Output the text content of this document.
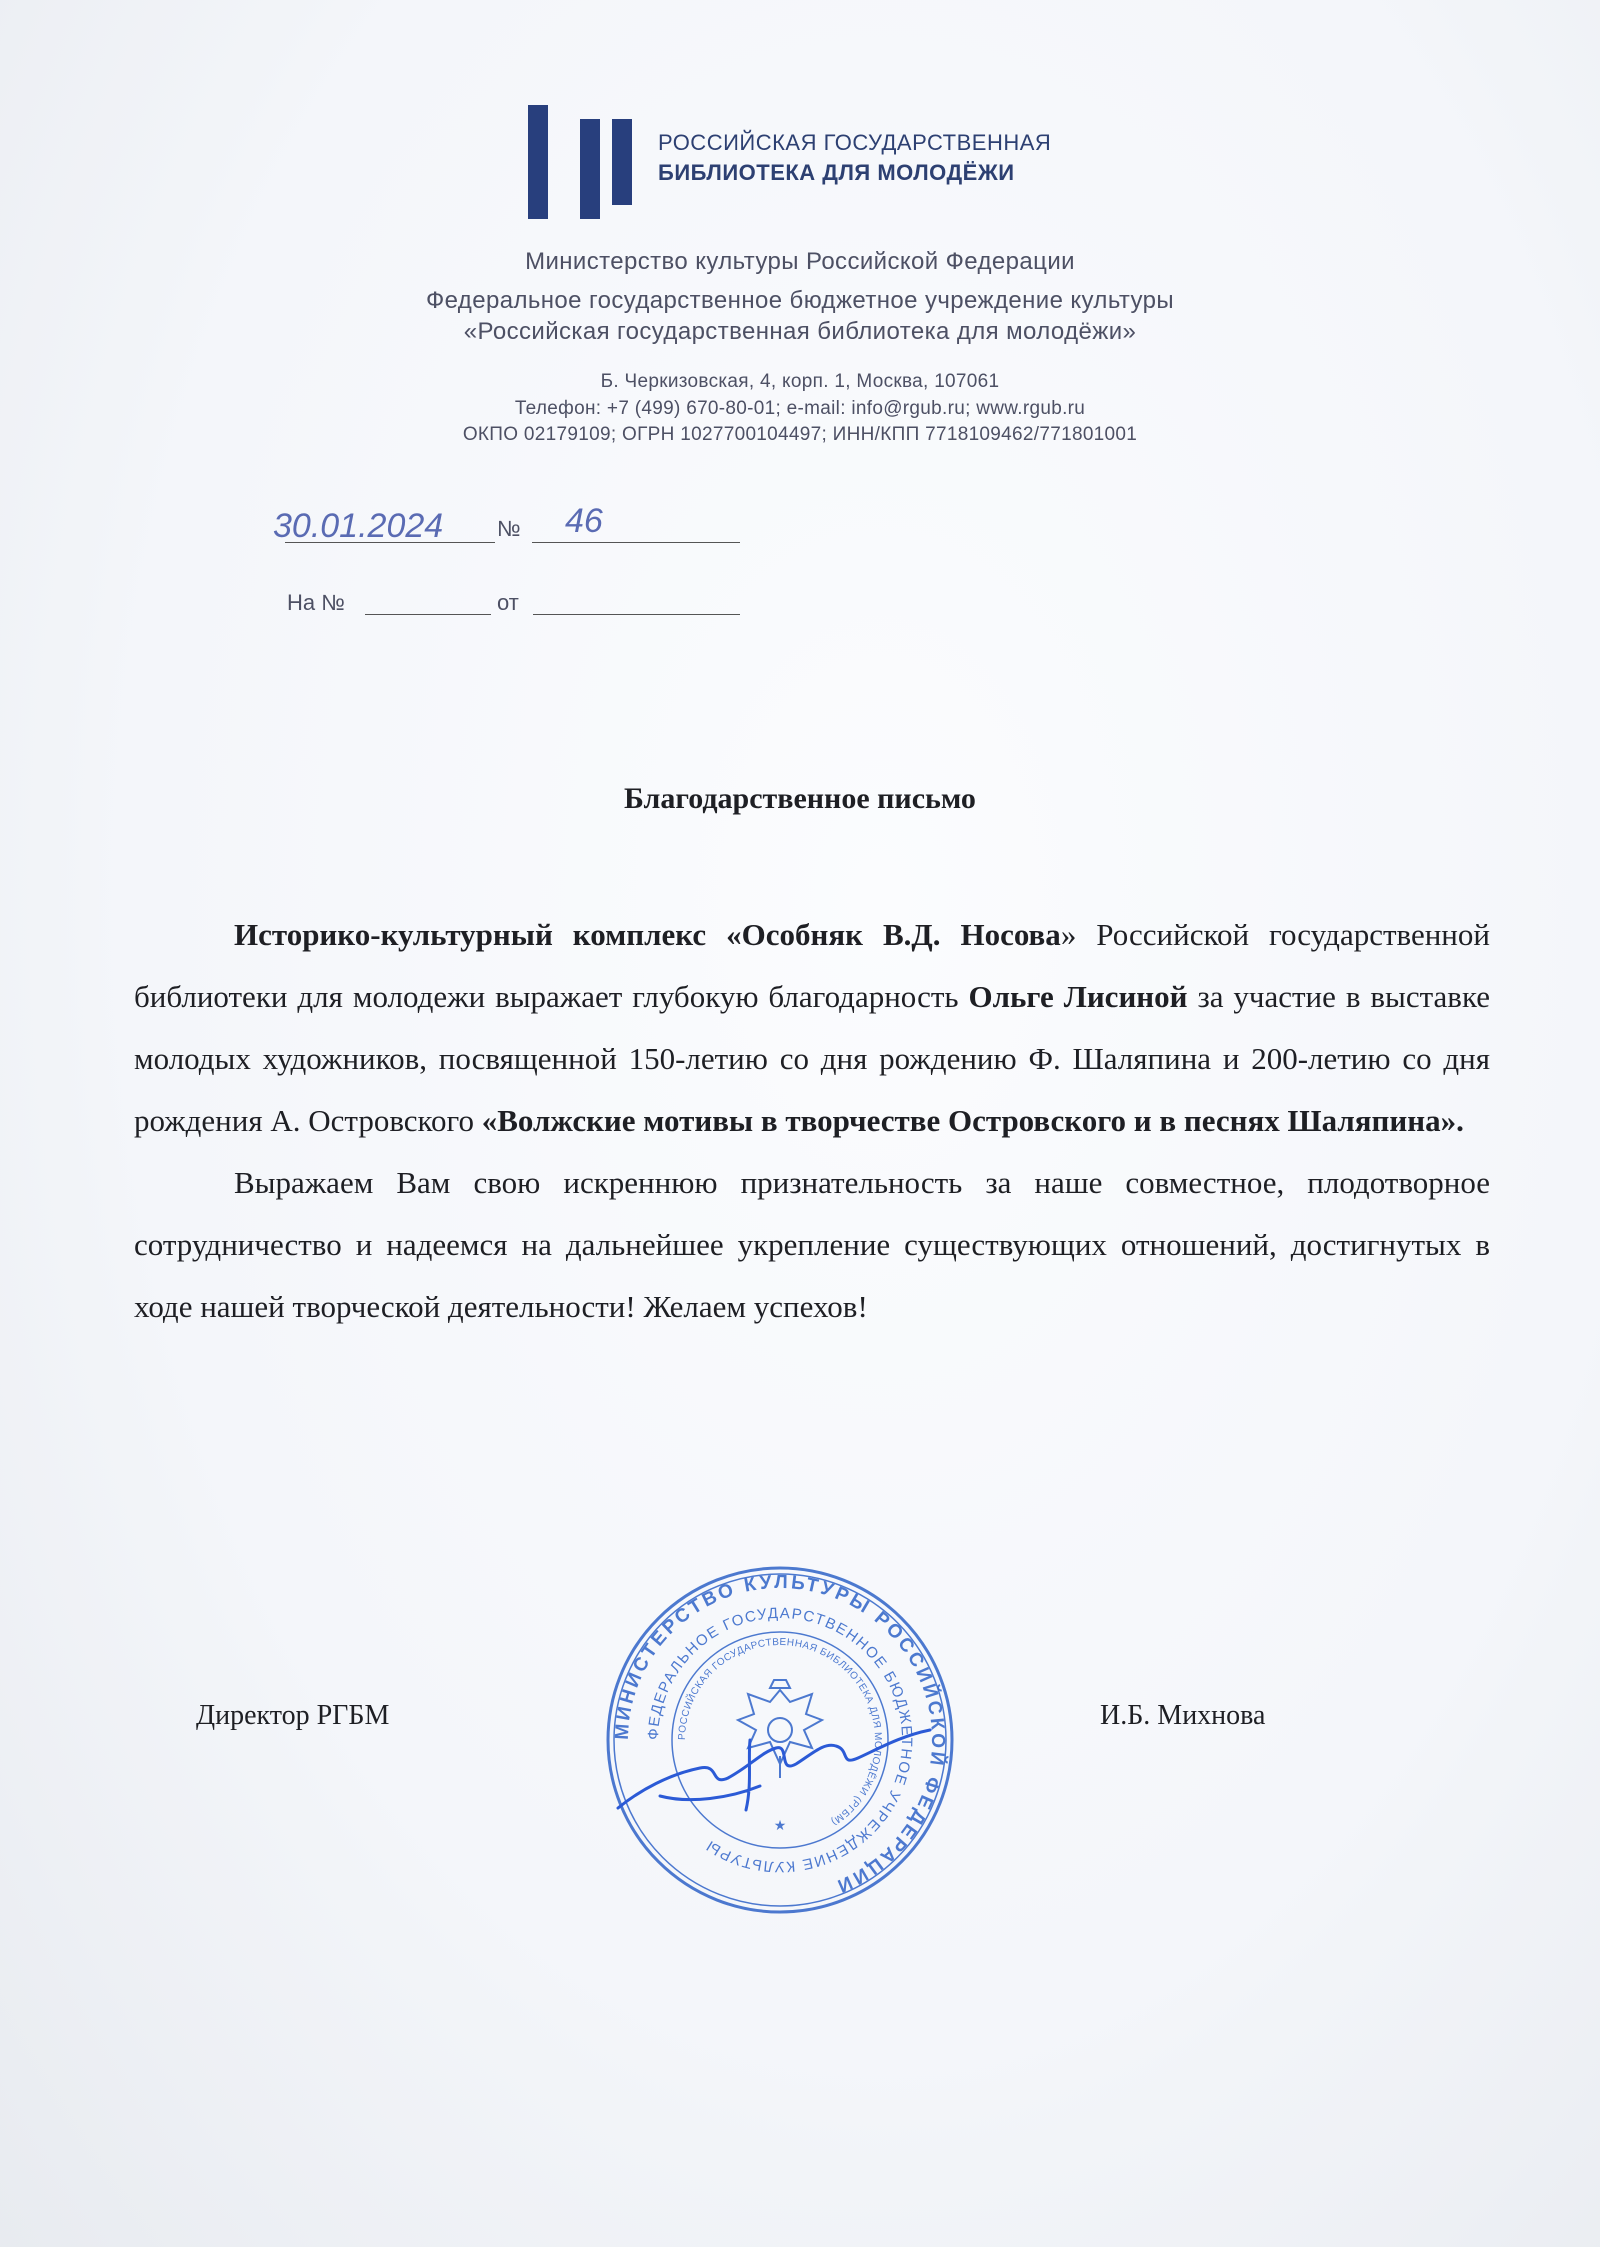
РОССИЙСКАЯ ГОСУДАРСТВЕННАЯ
БИБЛИОТЕКА ДЛЯ МОЛОДЁЖИ
Министерство культуры Российской Федерации
Федеральное государственное бюджетное учреждение культуры
«Российская государственная библиотека для молодёжи»
Б. Черкизовская, 4, корп. 1, Москва, 107061
Телефон: +7 (499) 670-80-01; e-mail: info@rgub.ru; www.rgub.ru
ОКПО 02179109; ОГРН 1027700104497; ИНН/КПП 7718109462/771801001
30.01.2024 № 46
На №	от
Благодарственное письмо

Историко-культурный комплекс «Особняк В.Д. Носова» Российской государственной библиотеки для молодежи выражает глубокую благодарность Ольге Лисиной за участие в выставке молодых художников, посвященной 150-летию со дня рождению Ф. Шаляпина и 200-летию со дня рождения А. Островского «Волжские мотивы в творчестве Островского и в песнях Шаляпина».

Выражаем Вам свою искреннюю признательность за наше совместное, плодотворное сотрудничество и надеемся на дальнейшее укрепление существующих отношений, достигнутых в ходе нашей творческой деятельности! Желаем успехов!

Директор РГБМ	И.Б. Михнова
МИНИСТЕРСТВО КУЛЬТУРЫ РОССИЙСКОЙ ФЕДЕРАЦИИ
ФЕДЕРАЛЬНОЕ ГОСУДАРСТВЕННОЕ БЮДЖЕТНОЕ УЧРЕЖДЕНИЕ КУЛЬТУРЫ
РОССИЙСКАЯ ГОСУДАРСТВЕННАЯ БИБЛИОТЕКА ДЛЯ МОЛОДЁЖИ (РГБМ)
★
